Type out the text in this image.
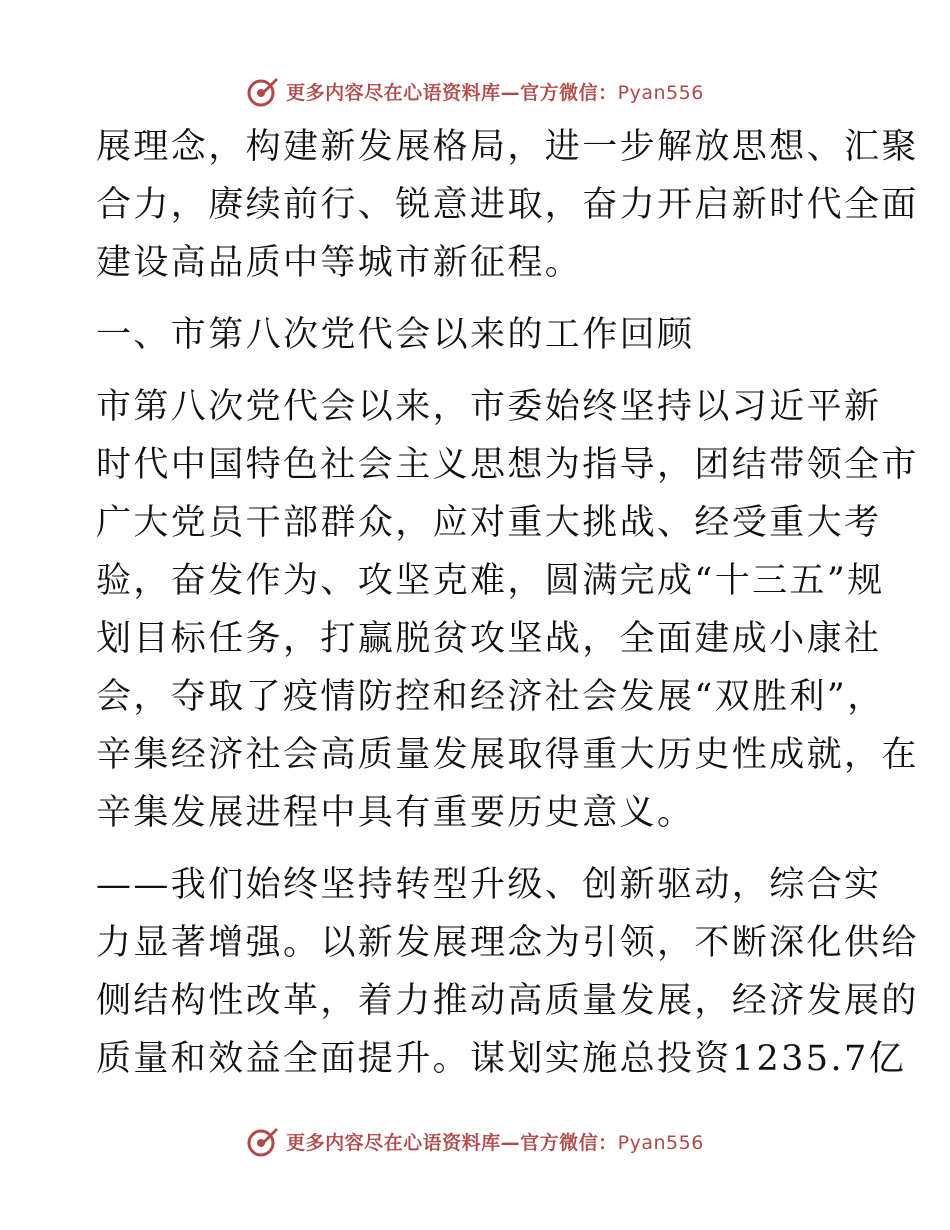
更多内容尽在心语资料库—官方微信：Pyan556
展理念，构建新发展格局，进一步解放思想、汇聚
合力，赓续前行、锐意进取，奋力开启新时代全面
建设高品质中等城市新征程。
一、市第八次党代会以来的工作回顾
市第八次党代会以来，市委始终坚持以习近平新
时代中国特色社会主义思想为指导，团结带领全市
广大党员干部群众，应对重大挑战、经受重大考
验，奋发作为、攻坚克难，圆满完成“十三五”规
划目标任务，打赢脱贫攻坚战，全面建成小康社
会，夺取了疫情防控和经济社会发展“双胜利”，
辛集经济社会高质量发展取得重大历史性成就，在
辛集发展进程中具有重要历史意义。
——我们始终坚持转型升级、创新驱动，综合实
力显著增强。以新发展理念为引领，不断深化供给
侧结构性改革，着力推动高质量发展，经济发展的
质量和效益全面提升。谋划实施总投资1235.7亿
更多内容尽在心语资料库—官方微信：Pyan556
